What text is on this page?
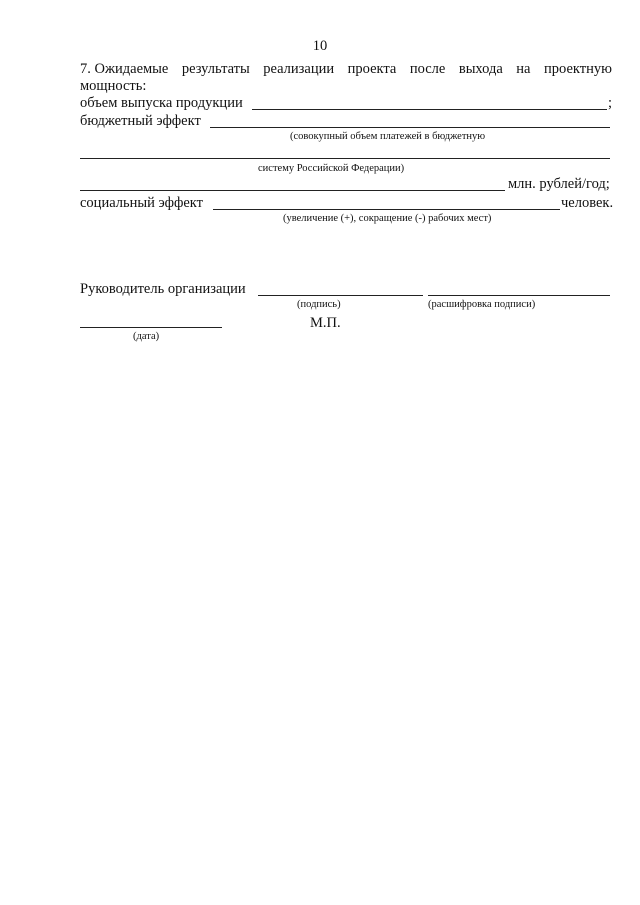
10
7. Ожидаемые результаты реализации проекта после выхода на проектную
мощность:
объем выпуска продукции	;
бюджетный эффект
(совокупный объем платежей в бюджетную
систему Российской Федерации)
млн. рублей/год;
социальный эффект	человек.
(увеличение (+), сокращение (-) рабочих мест)
Руководитель организации
(подпись)	(расшифровка подписи)
М.П.
(дата)
